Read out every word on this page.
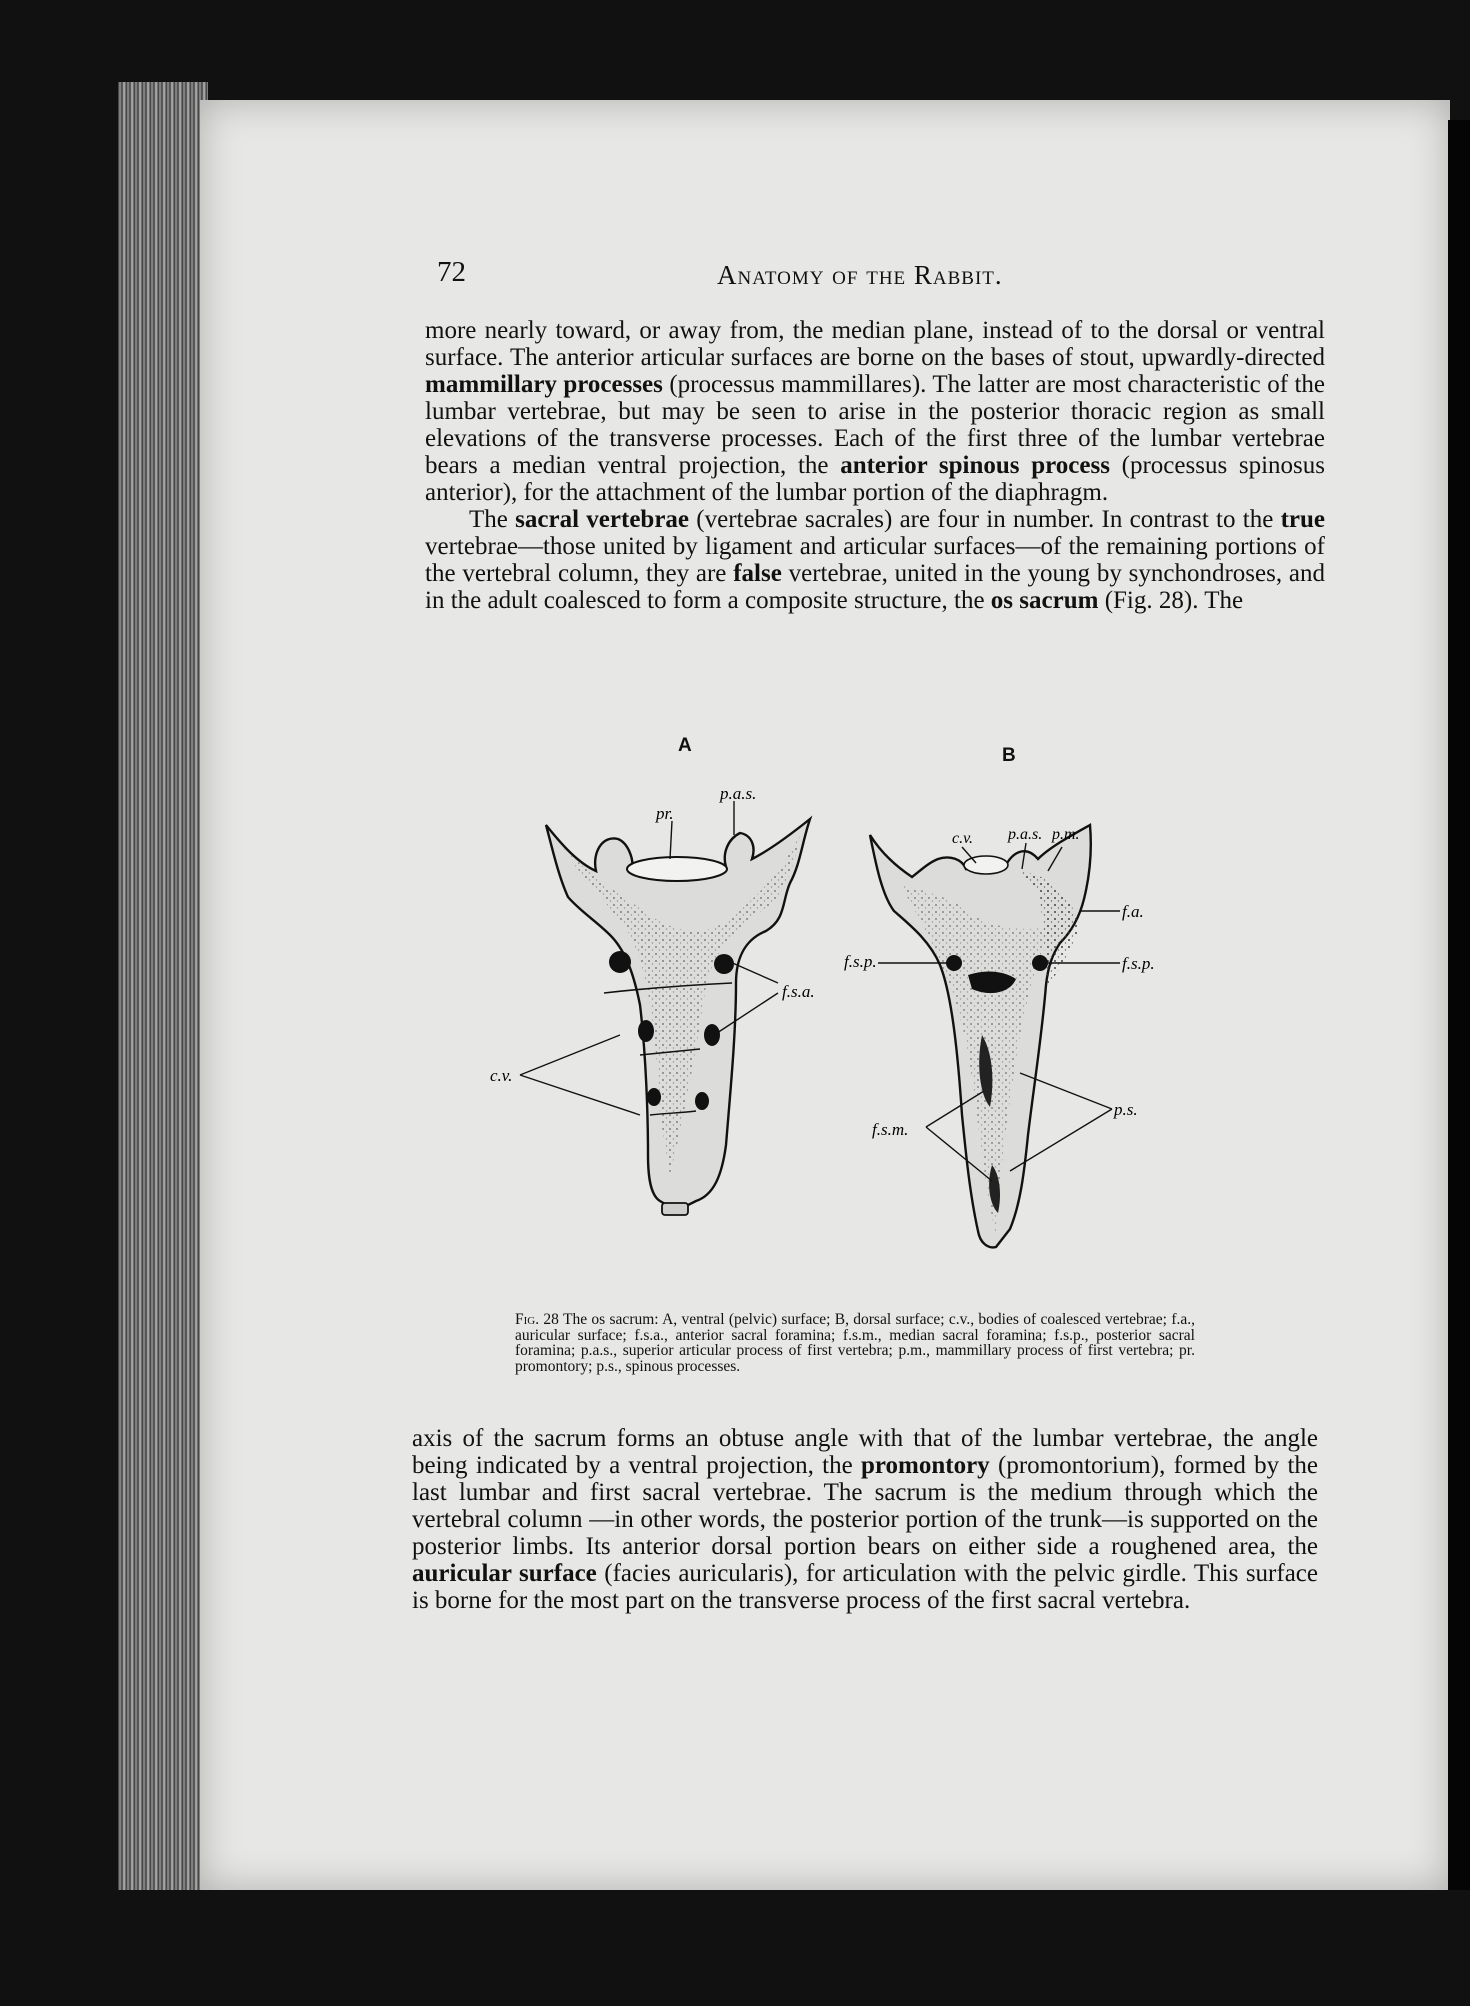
72	Anatomy of the Rabbit.

more nearly toward, or away from, the median plane, instead of to the dorsal or ventral surface. The anterior articular surfaces are borne on the bases of stout, upwardly-directed mammillary processes (processus mammillares). The latter are most characteristic of the lumbar vertebrae, but may be seen to arise in the posterior thoracic region as small elevations of the transverse processes. Each of the first three of the lumbar vertebrae bears a median ventral projection, the anterior spinous process (processus spinosus anterior), for the attachment of the lumbar portion of the diaphragm.

The sacral vertebrae (vertebrae sacrales) are four in number. In contrast to the true vertebrae—those united by ligament and articular surfaces—of the remaining portions of the vertebral column, they are false vertebrae, united in the young by synchondroses, and in the adult coalesced to form a composite structure, the os sacrum (Fig. 28). The

A	B
pr.
p.a.s.
f.s.a.
c.v.
c.v. p.a.s. p.m.
f.a.
f.s.p.	f.s.p.
p.s.
f.s.m.

Fig. 28 The os sacrum: A, ventral (pelvic) surface; B, dorsal surface; c.v., bodies of coalesced vertebrae; f.a., auricular surface; f.s.a., anterior sacral foramina; f.s.m., median sacral foramina; f.s.p., posterior sacral foramina; p.a.s., superior articular process of first vertebra; p.m., mammillary process of first vertebra; pr. promontory; p.s., spinous processes.

axis of the sacrum forms an obtuse angle with that of the lumbar vertebrae, the angle being indicated by a ventral projection, the promontory (promontorium), formed by the last lumbar and first sacral vertebrae. The sacrum is the medium through which the vertebral column —in other words, the posterior portion of the trunk—is supported on the posterior limbs. Its anterior dorsal portion bears on either side a roughened area, the auricular surface (facies auricularis), for articulation with the pelvic girdle. This surface is borne for the most part on the transverse process of the first sacral vertebra.
